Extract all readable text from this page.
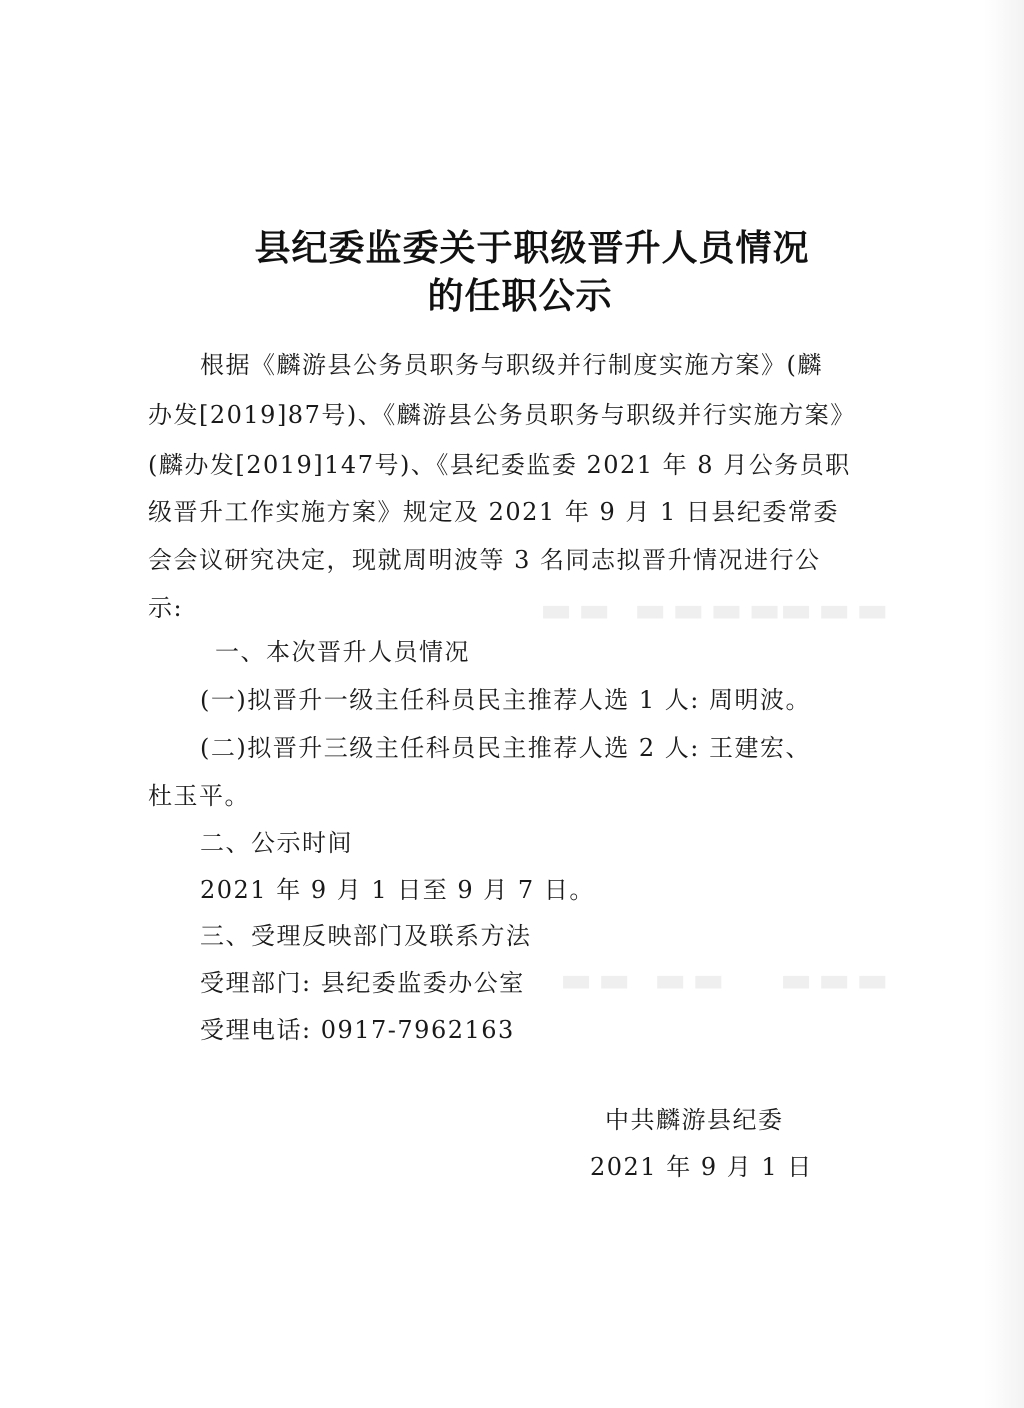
▬▬ ▬▬▬▬
▬▬▬
▬▬ ▬▬ ▬▬▬
县纪委监委关于职级晋升人员情况
的任职公示
根据《麟游县公务员职务与职级并行制度实施方案》(麟
办发[2019]87号)、《麟游县公务员职务与职级并行实施方案》
(麟办发[2019]147号)、《县纪委监委 2021 年 8 月公务员职
级晋升工作实施方案》规定及 2021 年 9 月 1 日县纪委常委
会会议研究决定，现就周明波等 3 名同志拟晋升情况进行公
示:
一、本次晋升人员情况
(一)拟晋升一级主任科员民主推荐人选 1 人: 周明波。
(二)拟晋升三级主任科员民主推荐人选 2 人: 王建宏、
杜玉平。
二、公示时间
2021 年 9 月 1 日至 9 月 7 日。
三、受理反映部门及联系方法
受理部门: 县纪委监委办公室
受理电话: 0917-7962163
中共麟游县纪委
2021 年 9 月 1 日
